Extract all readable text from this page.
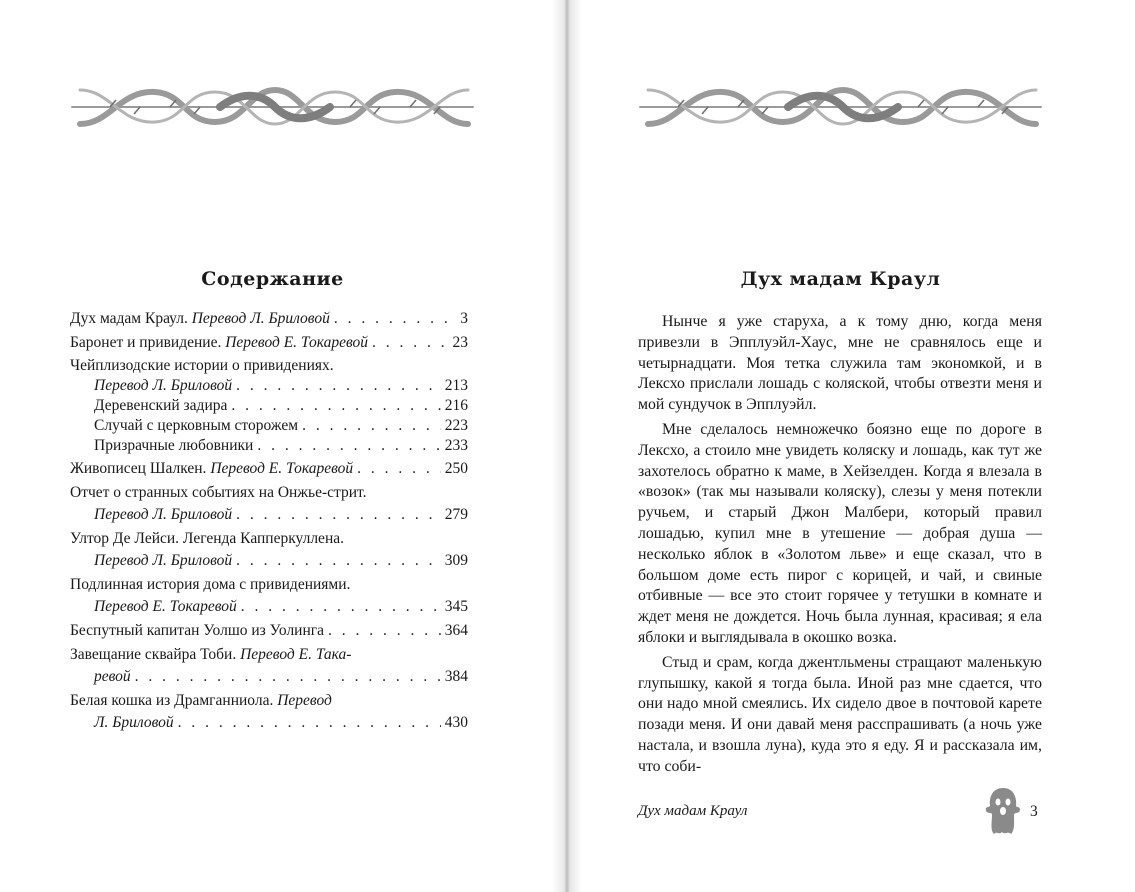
Содержание
Дух мадам Краул.
Перевод Л. Бриловой . . .	3
Баронет и привидение.
Перевод Е. Токаревой . . .	23
Чейплизодские истории о привидениях.
Перевод Л. Бриловой . . .	213
Деревенский задира . . .	216
Случай с церковным сторожем . . .	223
Призрачные любовники . . .	233
Живописец Шалкен.
Перевод Е. Токаревой . . .	250
Отчет о странных событиях на Онжье-стрит.
Перевод Л. Бриловой . . .	279
Ултор Де Лейси. Легенда Капперкуллена.
Перевод Л. Бриловой . . .	309
Подлинная история дома с привидениями.
Перевод Е. Токаревой . . .	345
Беспутный капитан Уолшо из Уолинга . . .	364
Завещание сквайра Тоби.
Перевод Е. Така-
ревой . . .	384
Белая кошка из Драмганниола.
Перевод
Л. Бриловой . . .	430
Дух мадам Краул

Нынче я уже старуха, а к тому дню, когда меня привезли в Эпплуэйл-Хаус, мне не сравнялось еще и четырнадцати. Моя тетка служила там экономкой, и в Лексхо прислали лошадь с коляской, чтобы отвезти меня и мой сундучок в Эпплуэйл.

Мне сделалось немножечко боязно еще по дороге в Лексхо, а стоило мне увидеть коляску и лошадь, как тут же захотелось обратно к маме, в Хейзелден. Когда я влезала в «возок» (так мы называли коляску), слезы у меня потекли ручьем, и старый Джон Малбери, который правил лошадью, купил мне в утешение — добрая душа — несколько яблок в «Золотом льве» и еще сказал, что в большом доме есть пирог с корицей, и чай, и свиные отбивные — все это стоит горячее у тетушки в комнате и ждет меня не дождется. Ночь была лунная, красивая; я ела яблоки и выглядывала в окошко возка.

Стыд и срам, когда джентльмены стращают маленькую глупышку, какой я тогда была. Иной раз мне сдается, что они надо мной смеялись. Их сидело двое в почтовой карете позади меня. И они давай меня расспрашивать (а ночь уже настала, и взошла луна), куда это я еду. Я и рассказала им, что соби-

Дух мадам Краул	3
